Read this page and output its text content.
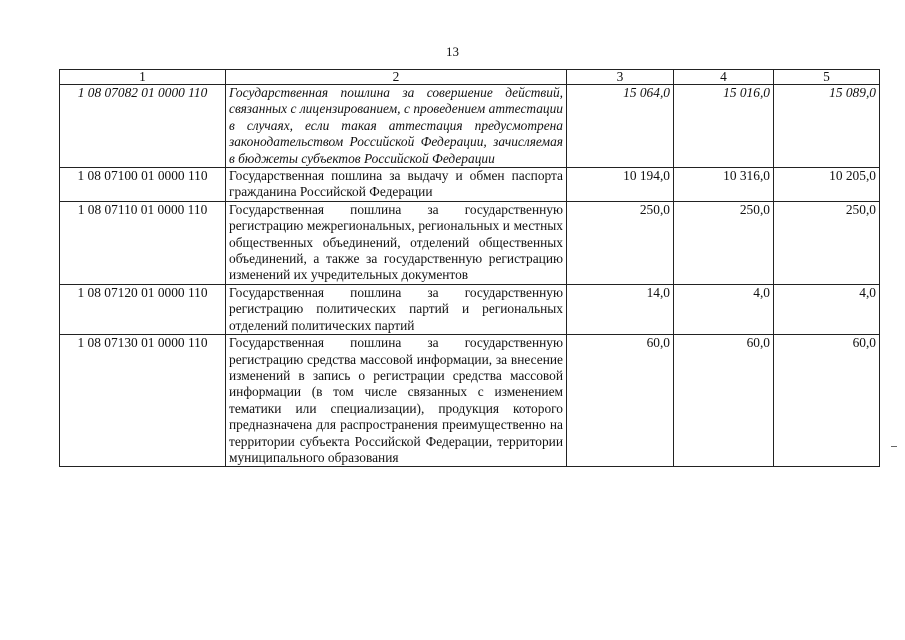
13
1	2	3	4	5
1 08 07082 01 0000 110	Государственная пошлина за совершение действий, связанных с лицензированием, с проведением аттестации в случаях, если такая аттестация предусмотрена законодательством Российской Федерации, зачисляемая в бюджеты субъектов Российской Федерации	15 064,0	15 016,0	15 089,0
1 08 07100 01 0000 110	Государственная пошлина за выдачу и обмен паспорта гражданина Российской Федерации	10 194,0	10 316,0	10 205,0
1 08 07110 01 0000 110	Государственная пошлина за государственную регистрацию межрегиональных, региональных и местных общественных объединений, отделений общественных объединений, а также за государственную регистрацию изменений их учредительных документов	250,0	250,0	250,0
1 08 07120 01 0000 110	Государственная пошлина за государственную регистрацию политических партий и региональных отделений политических партий	14,0	4,0	4,0
1 08 07130 01 0000 110	Государственная пошлина за государственную регистрацию средства массовой информации, за внесение изменений в запись о регистрации средства массовой информации (в том числе связанных с изменением тематики или специализации), продукция которого предназначена для распространения преимущественно на территории субъекта Российской Федерации, территории муниципального образования	60,0	60,0	60,0
